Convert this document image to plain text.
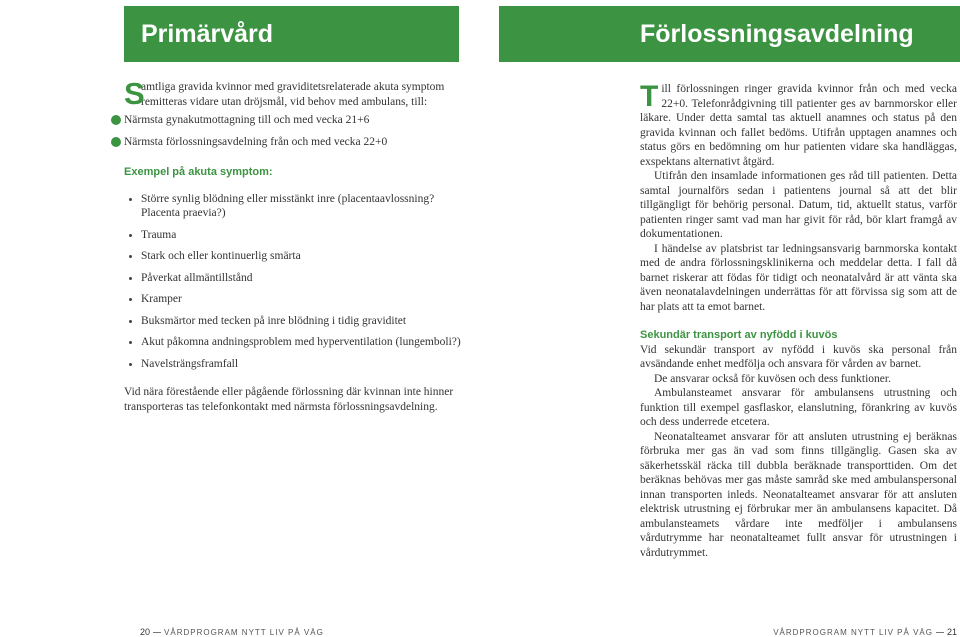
Primärvård	Förlossningsavdelning
S
amtliga gravida kvinnor med graviditetsrelaterade akuta symptom remitteras vidare utan dröjsmål, vid behov med ambulans, till:
Närmsta gynakutmottagning till och med vecka 21+6
Närmsta förlossningsavdelning från och med vecka 22+0
Exempel på akuta symptom:
Större synlig blödning eller misstänkt inre (placentaavlossning? Placenta praevia?)
Trauma
Stark och eller kontinuerlig smärta
Påverkat allmäntillstånd
Kramper
Buksmärtor med tecken på inre blödning i tidig graviditet
Akut påkomna andningsproblem med hyperventilation (lungemboli?)
Navelsträngsframfall
Vid nära förestående eller pågående förlossning där kvinnan inte hinner transporteras tas telefonkontakt med närmsta förlossningsavdelning.

Till förlossningen ringer gravida kvinnor från och med vecka 22+0. Telefonrådgivning till patienter ges av barnmorskor eller läkare. Under detta samtal tas aktuell anamnes och status på den gravida kvinnan och fallet bedöms. Utifrån upptagen anamnes och status görs en bedömning om hur patienten vidare ska handläggas, exspektans alternativt åtgärd.

Utifrån den insamlade informationen ges råd till patienten. Detta samtal journalförs sedan i patientens journal så att det blir tillgängligt för behörig personal. Datum, tid, aktuellt status, varför patienten ringer samt vad man har givit för råd, bör klart framgå av dokumentationen.

I händelse av platsbrist tar ledningsansvarig barnmorska kontakt med de andra förlossningsklinikerna och meddelar detta. I fall då barnet riskerar att födas för tidigt och neonatalvård är att vänta ska även neonatalavdelningen underrättas för att förvissa sig som att de har plats att ta emot barnet.

Sekundär transport av nyfödd i kuvös

Vid sekundär transport av nyfödd i kuvös ska personal från avsändande enhet medfölja och ansvara för vården av barnet.

De ansvarar också för kuvösen och dess funktioner.

Ambulansteamet ansvarar för ambulansens utrustning och funktion till exempel gasflaskor, elanslutning, förankring av kuvös och dess underrede etcetera.

Neonatalteamet ansvarar för att ansluten utrustning ej beräknas förbruka mer gas än vad som finns tillgänglig. Gasen ska av säkerhetsskäl räcka till dubbla beräknade transporttiden. Om det beräknas behövas mer gas måste samråd ske med ambulanspersonal innan transporten inleds. Neonatalteamet ansvarar för att ansluten elektrisk utrustning ej förbrukar mer än ambulansens kapacitet. Då ambulansteamets vårdare inte medföljer i ambulansens vårdutrymme har neonatalteamet fullt ansvar för utrustningen i vårdutrymmet.

20 VÅRDPROGRAM NYTT LIV PÅ VÄG	VÅRDPROGRAM NYTT LIV PÅ VÄG 21
